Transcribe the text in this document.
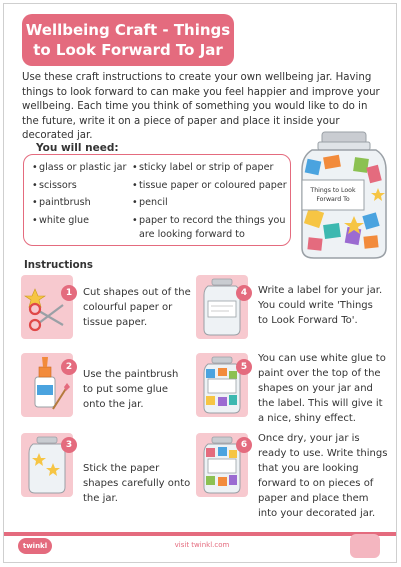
Wellbeing Craft - Things
to Look Forward To Jar

Use these craft instructions to create your own wellbeing jar. Having things to look forward to can make you feel happier and improve your wellbeing. Each time you think of something you would like to do in the future, write it on a piece of paper and place it inside your decorated jar.

You will need:
• glass or plastic jar
• scissors
• paintbrush
• white glue
• sticky label or strip of paper
• tissue paper or coloured paper
• pencil
• paper to record the things you are looking forward to
Things to Look
Forward To
Instructions
1	Cut shapes out of the colourful paper or tissue paper.
4	Write a label for your jar. You could write 'Things to Look Forward To'.
2
Use the paintbrush to put some glue onto the jar.
5
You can use white glue to paint over the top of the shapes on your jar and the label. This will give it a nice, shiny effect.
3
Stick the paper shapes carefully onto the jar.
6
Once dry, your jar is ready to use. Write things that you are looking forward to on pieces of paper and place them into your decorated jar.
twinkl	visit twinkl.com
